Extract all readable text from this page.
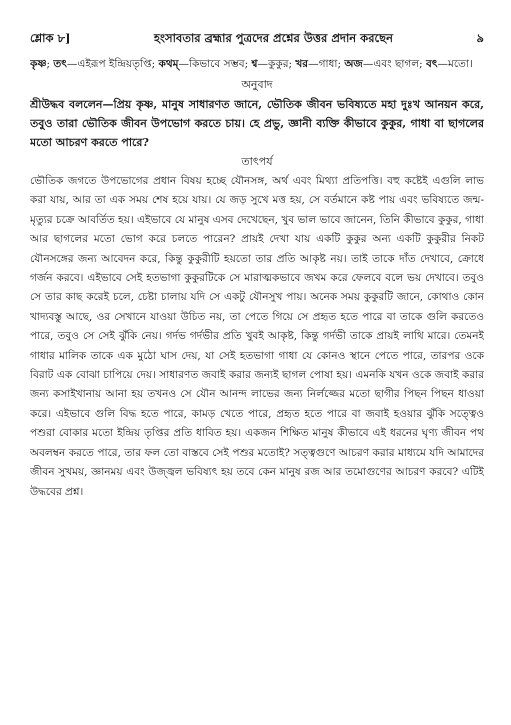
শ্লোক ৮]	হংসাবতার ব্রহ্মার পুত্রদের প্রশ্নের উত্তর প্রদান করছেন	৯

কৃষ্ণ; তৎ—এইরূপ ইন্দ্রিয়তৃপ্তি; কথম্—কিভাবে সম্ভব; শ্ব—কুকুর; খর—গাধা; অজ—এবং ছাগল; বৎ—মতো।

অনুবাদ

শ্রীউদ্ধব বললেন—প্রিয় কৃষ্ণ, মানুষ সাধারণত জানে, ভৌতিক জীবন ভবিষ্যতে মহা দুঃখ আনয়ন করে, তবুও তারা ভৌতিক জীবন উপভোগ করতে চায়। হে প্রভু, জ্ঞানী ব্যক্তি কীভাবে কুকুর, গাধা বা ছাগলের মতো আচরণ করতে পারে?

তাৎপর্য

ভৌতিক জগতে উপভোগের প্রধান বিষয় হচ্ছে যৌনসঙ্গ, অর্থ এবং মিথ্যা প্রতিপত্তি। বহু কষ্টেই এগুলি লাভ করা যায়, আর তা এক সময় শেষ হয়ে যায়। যে জড় সুখে মত্ত হয়, সে বর্তমানে কষ্ট পায় এবং ভবিষ্যতে জন্ম-মৃত্যুর চক্রে আবর্তিত হয়। এইভাবে যে মানুষ এসব দেখেছেন, খুব ভাল ভাবে জানেন, তিনি কীভাবে কুকুর, গাধা আর ছাগলের মতো ভোগ করে চলতে পারেন? প্রায়ই দেখা যায় একটি কুকুর অন্য একটি কুকুরীর নিকট যৌনসঙ্গের জন্য আবেদন করে, কিন্তু কুকুরীটি হয়তো তার প্রতি আকৃষ্ট নয়। তাই তাকে দাঁত দেখাবে, ক্রোধে গর্জন করবে। এইভাবে সেই হতভাগা কুকুরটিকে সে মারাত্মকভাবে জখম করে ফেলবে বলে ভয় দেখাবে। তবুও সে তার কাছ করেই চলে, চেষ্টা চালায় যদি সে একটু যৌনসুখ পায়। অনেক সময় কুকুরটি জানে, কোথাও কোন খাদ্যবস্তু আছে, ওর সেখানে যাওয়া উচিত নয়, তা পেতে গিয়ে সে প্রহৃত হতে পারে বা তাকে গুলি করতেও পারে, তবুও সে সেই ঝুঁকি নেয়। গর্দভ গর্দভীর প্রতি খুবই আকৃষ্ট, কিন্তু গর্দভী তাকে প্রায়ই লাথি মারে। তেমনই গাধার মালিক তাকে এক মুঠো ঘাস দেয়, যা সেই হতভাগা গাধা যে কোনও স্থানে পেতে পারে, তারপর ওকে বিরাট এক বোঝা চাপিয়ে দেয়। সাধারণত জবাই করার জন্যই ছাগল পোষা হয়। এমনকি যখন ওকে জবাই করার জন্য কসাইখানায় আনা হয় তখনও সে যৌন আনন্দ লাভের জন্য নির্লজ্জের মতো ছাগীর পিছন পিছন ধাওয়া করে। এইভাবে গুলি বিদ্ধ হতে পারে, কামড় খেতে পারে, প্রহৃত হতে পারে বা জবাই হওয়ার ঝুঁকি সত্ত্বেও পশুরা বোকার মতো ইন্দ্রিয় তৃপ্তির প্রতি ধাবিত হয়। একজন শিক্ষিত মানুষ কীভাবে এই ধরনের ঘৃণ্য জীবন পথ অবলম্বন করতে পারে, তার ফল তো বাস্তবে সেই পশুর মতোই? সত্ত্বগুণে আচরণ করার মাধ্যমে যদি আমাদের জীবন সুখময়, জ্ঞানময় এবং উজ্জ্বল ভবিষ্যৎ হয় তবে কেন মানুষ রজ আর তমোগুণের আচরণ করবে? এটিই উদ্ধবের প্রশ্ন।
